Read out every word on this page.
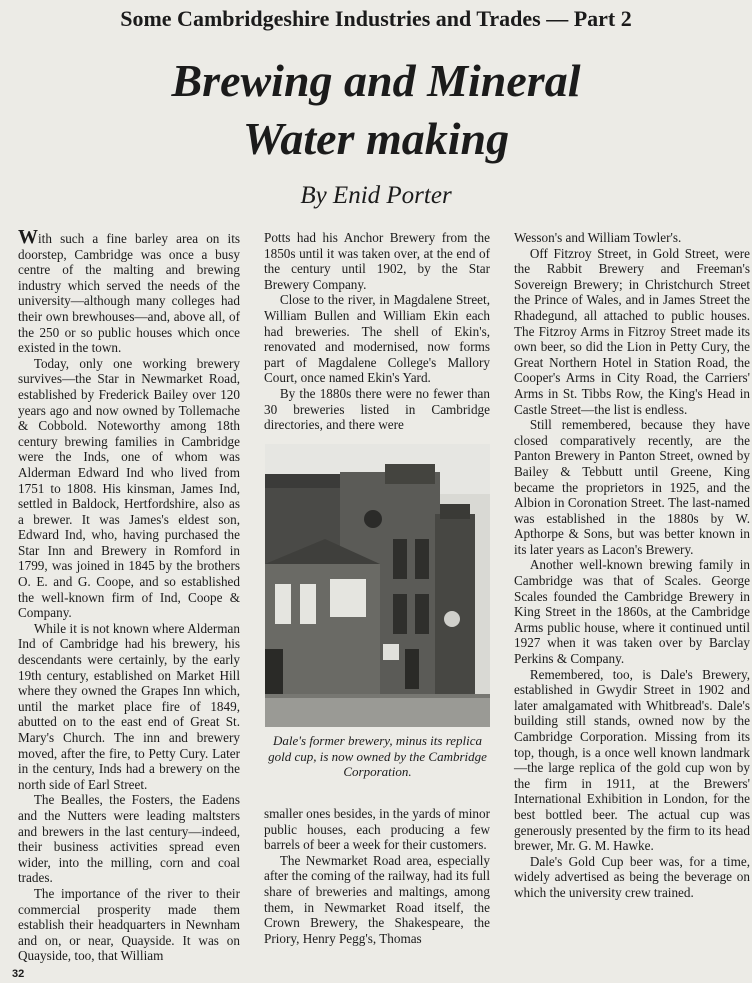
Some Cambridgeshire Industries and Trades — Part 2
Brewing and Mineral
Water making
By Enid Porter

With such a fine barley area on its doorstep, Cambridge was once a busy centre of the malting and brewing industry which served the needs of the university—although many colleges had their own brewhouses—and, above all, of the 250 or so public houses which once existed in the town.

Today, only one working brewery survives—the Star in Newmarket Road, established by Frederick Bailey over 120 years ago and now owned by Tollemache & Cobbold. Noteworthy among 18th century brewing families in Cambridge were the Inds, one of whom was Alderman Edward Ind who lived from 1751 to 1808. His kinsman, James Ind, settled in Baldock, Hertfordshire, also as a brewer. It was James's eldest son, Edward Ind, who, having purchased the Star Inn and Brewery in Romford in 1799, was joined in 1845 by the brothers O. E. and G. Coope, and so established the well-known firm of Ind, Coope & Company.

While it is not known where Alderman Ind of Cambridge had his brewery, his descendants were certainly, by the early 19th century, established on Market Hill where they owned the Grapes Inn which, until the market place fire of 1849, abutted on to the east end of Great St. Mary's Church. The inn and brewery moved, after the fire, to Petty Cury. Later in the century, Inds had a brewery on the north side of Earl Street.

The Bealles, the Fosters, the Eadens and the Nutters were leading maltsters and brewers in the last century—indeed, their business activities spread even wider, into the milling, corn and coal trades.

The importance of the river to their commercial prosperity made them establish their headquarters in Newnham and on, or near, Quayside. It was on Quayside, too, that William

Potts had his Anchor Brewery from the 1850s until it was taken over, at the end of the century until 1902, by the Star Brewery Company.

Close to the river, in Magdalene Street, William Bullen and William Ekin each had breweries. The shell of Ekin's, renovated and modernised, now forms part of Magdalene College's Mallory Court, once named Ekin's Yard.

By the 1880s there were no fewer than 30 breweries listed in Cambridge directories, and there were

Dale's former brewery, minus its replica gold cup, is now owned by the Cambridge Corporation.

smaller ones besides, in the yards of minor public houses, each producing a few barrels of beer a week for their customers.

The Newmarket Road area, especially after the coming of the railway, had its full share of breweries and maltings, among them, in Newmarket Road itself, the Crown Brewery, the Shakespeare, the Priory, Henry Pegg's, Thomas

Wesson's and William Towler's.

Off Fitzroy Street, in Gold Street, were the Rabbit Brewery and Freeman's Sovereign Brewery; in Christchurch Street the Prince of Wales, and in James Street the Rhadegund, all attached to public houses. The Fitzroy Arms in Fitzroy Street made its own beer, so did the Lion in Petty Cury, the Great Northern Hotel in Station Road, the Cooper's Arms in City Road, the Carriers' Arms in St. Tibbs Row, the King's Head in Castle Street—the list is endless.

Still remembered, because they have closed comparatively recently, are the Panton Brewery in Panton Street, owned by Bailey & Tebbutt until Greene, King became the proprietors in 1925, and the Albion in Coronation Street. The last-named was established in the 1880s by W. Apthorpe & Sons, but was better known in its later years as Lacon's Brewery.

Another well-known brewing family in Cambridge was that of Scales. George Scales founded the Cambridge Brewery in King Street in the 1860s, at the Cambridge Arms public house, where it continued until 1927 when it was taken over by Barclay Perkins & Company.

Remembered, too, is Dale's Brewery, established in Gwydir Street in 1902 and later amalgamated with Whitbread's. Dale's building still stands, owned now by the Cambridge Corporation. Missing from its top, though, is a once well known landmark—the large replica of the gold cup won by the firm in 1911, at the Brewers' International Exhibition in London, for the best bottled beer. The actual cup was generously presented by the firm to its head brewer, Mr. G. M. Hawke.

Dale's Gold Cup beer was, for a time, widely advertised as being the beverage on which the university crew trained.

32
